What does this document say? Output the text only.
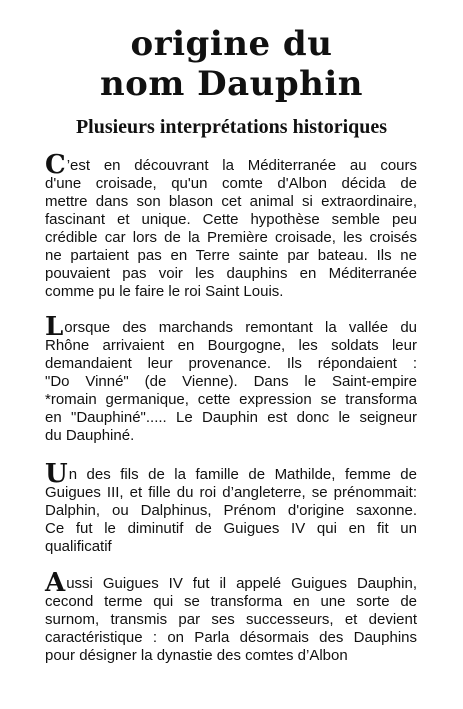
origine du
nom Dauphin
Plusieurs interprétations historiques
C’est en découvrant la Méditerranée au cours
d'une croisade, qu'un comte d'Albon décida de
mettre dans son blason cet animal si extraordinaire,
fascinant et unique. Cette hypothèse semble peu
crédible car lors de la Première croisade, les croisés
ne partaient pas en Terre sainte par bateau. Ils ne
pouvaient pas voir les dauphins en Méditerranée
comme pu le faire le roi Saint Louis.
Lorsque des marchands remontant la vallée du
Rhône arrivaient en Bourgogne, les soldats leur
demandaient leur provenance. Ils répondaient :
"Do Vinné" (de Vienne). Dans le Saint-empire
*romain germanique, cette expression se transforma
en "Dauphiné"..... Le Dauphin est donc le seigneur
du Dauphiné.
Un des fils de la famille de Mathilde, femme de
Guigues III, et fille du roi d’angleterre, se prénommait:
Dalphin, ou Dalphinus, Prénom d'origine saxonne.
Ce fut le diminutif de Guigues IV qui en fit un
qualificatif
Aussi Guigues IV fut il appelé Guigues Dauphin,
cecond terme qui se transforma en une sorte de
surnom, transmis par ses successeurs, et devient
caractéristique : on Parla désormais des Dauphins
pour désigner la dynastie des comtes d’Albon
